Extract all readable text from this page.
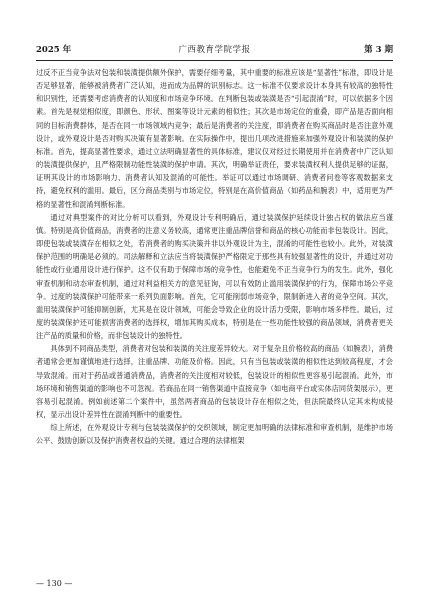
2025 年	广西教育学院学报	第 3 期

过反不正当竞争法对包装和装潢提供额外保护，需要仔细考量，其中重要的标准应该是“显著性”标准，即设计是否足够显著，能够被消费者广泛认知，进而成为品牌的识别标志。这一标准不仅要求设计本身具有较高的独特性和识别性，还需要考虑消费者的认知度和市场竞争环境。在判断包装或装潢是否“引起混淆”时，可以依据多个因素。首先是视觉相似度，即颜色、形状、图案等设计元素的相似性；其次是市场定位的重叠，即产品是否面向相同的目标消费群体，是否在同一市场领域内竞争；最后是消费者的关注度，即消费者在购买商品时是否注意外观设计，或外观设计是否对购买决策有显著影响。在实际操作中，提出几项改进措施来加强外观设计和装潢的保护标准。首先，提高显著性要求，通过立法明确显著性的具体标准，建议仅对经过长期使用并在消费者中广泛认知的装潢提供保护，且严格限制功能性装潢的保护申请。其次，明确举证责任，要求装潢权利人提供足够的证据，证明其设计的市场影响力、消费者认知及混淆的可能性。举证可以通过市场调研、消费者问卷等客观数据来支持，避免权利的滥用。最后，区分商品类别与市场定位，特别是在高价值商品（如药品和腕表）中，适用更为严格的显著性和混淆判断标准。

通过对典型案件的对比分析可以看到，外观设计专利明确后，通过装潢保护延续设计独占权的做法应当谨慎。特别是高价值商品，消费者的注意义务较高，通常更注重品牌信誉和商品的核心功能而非包装设计。因此，即使包装或装潢存在相似之处，若消费者的购买决策并非以外观设计为主，混淆的可能性也较小。此外，对装潢保护范围的明确是必须的。司法解释和立法应当将装潢保护严格限定于那些具有较强显著性的设计，并通过对功能性或行业通用设计进行保护。这不仅有助于保障市场的竞争性，也能避免不正当竞争行为的发生。此外，强化审查机制和动态审查机制，通过对利益相关方的意见征询，可以有效防止滥用装潢保护的行为，保障市场公平竞争。过度的装潢保护可能带来一系列负面影响。首先，它可能削弱市场竞争，限制新进入者的竞争空间。其次，滥用装潢保护可能抑制创新，尤其是在设计领域，可能会导致企业的设计活力受限，影响市场多样性。最后，过度的装潢保护还可能损害消费者的选择权，增加其购买成本，特别是在一些功能性较强的商品领域，消费者更关注产品的质量和价格，而非包装设计的独特性。

具体到不同商品类型，消费者对包装和装潢的关注度差异较大。对于复杂且价格较高的商品（如腕表），消费者通常会更加谨慎地进行选择，注重品牌、功能及价格。因此，只有当包装或装潢的相似性达到较高程度，才会导致混淆。而对于药品或普通消费品，消费者的关注度相对较低，包装设计的相似性更容易引起混淆。此外，市场环境和销售渠道的影响也不可忽视。若商品在同一销售渠道中直接竞争（如电商平台或实体店同货架展示），更容易引起混淆。例如前述第二个案件中，虽然两者商品的包装设计存在相似之处，但法院最终认定其未构成侵权，显示出设计差异性在混淆判断中的重要性。

综上所述，在外观设计专利与包装装潢保护的交织领域，制定更加明确的法律标准和审查机制，是维护市场公平、鼓励创新以及保护消费者权益的关键。通过合理的法律框架

— 130 —
